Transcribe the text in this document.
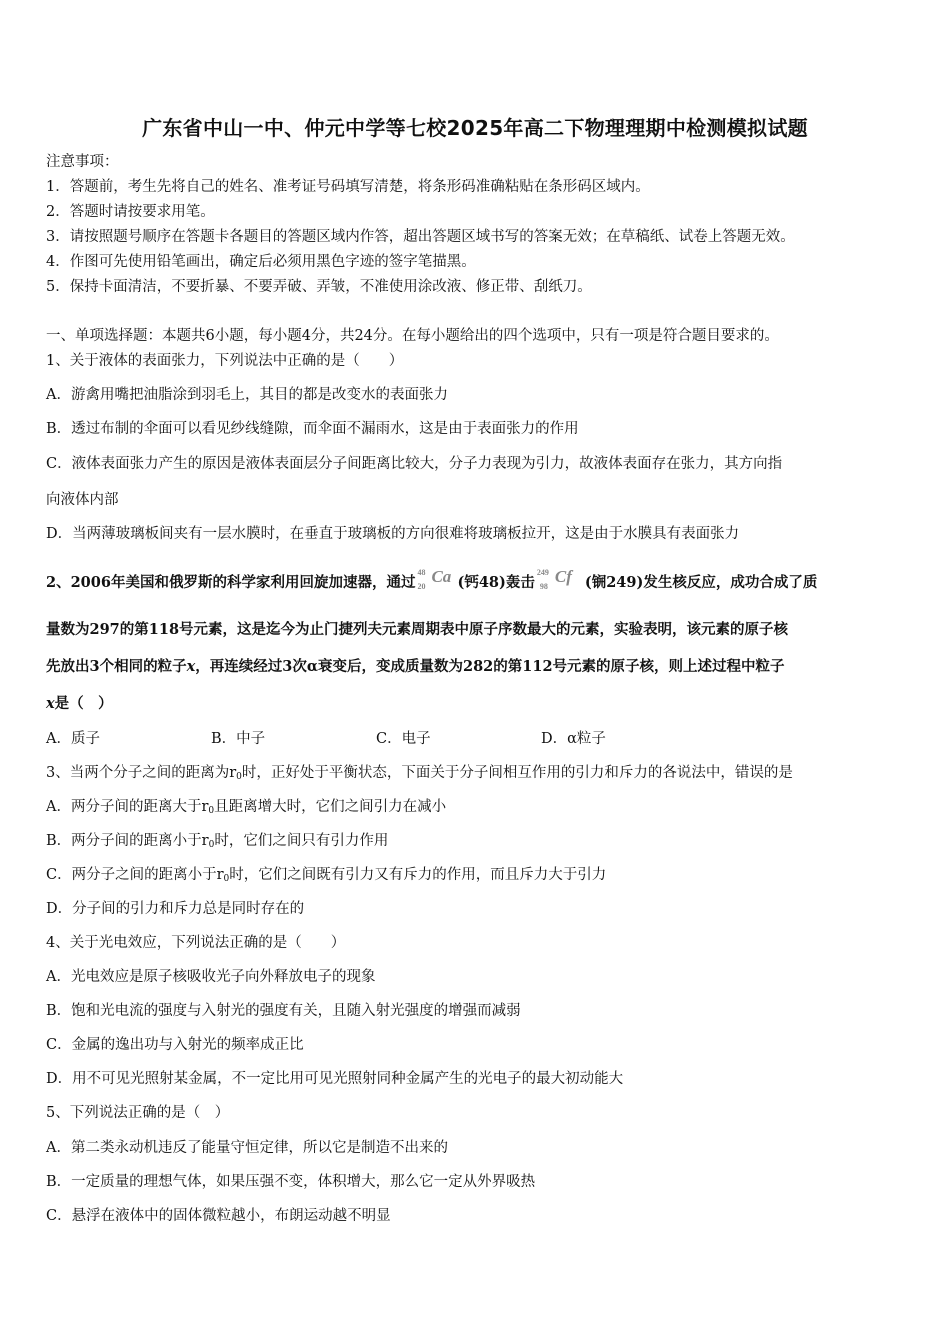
广东省中山一中、仲元中学等七校2025年高二下物理理期中检测模拟试题
注意事项：
1．答题前，考生先将自己的姓名、准考证号码填写清楚，将条形码准确粘贴在条形码区域内。
2．答题时请按要求用笔。
3．请按照题号顺序在答题卡各题目的答题区域内作答，超出答题区域书写的答案无效；在草稿纸、试卷上答题无效。
4．作图可先使用铅笔画出，确定后必须用黑色字迹的签字笔描黑。
5．保持卡面清洁，不要折暴、不要弄破、弄皱，不准使用涂改液、修正带、刮纸刀。
一、单项选择题：本题共6小题，每小题4分，共24分。在每小题给出的四个选项中，只有一项是符合题目要求的。
1、关于液体的表面张力，下列说法中正确的是（　　）
A．游禽用嘴把油脂涂到羽毛上，其目的都是改变水的表面张力
B．透过布制的伞面可以看见纱线缝隙，而伞面不漏雨水，这是由于表面张力的作用
C．液体表面张力产生的原因是液体表面层分子间距离比较大，分子力表现为引力，故液体表面存在张力，其方向指
向液体内部
D．当两薄玻璃板间夹有一层水膜时，在垂直于玻璃板的方向很难将玻璃板拉开，这是由于水膜具有表面张力
2、2006年美国和俄罗斯的科学家利用回旋加速器，通过
48
20
Ca (钙48)轰击
249
98
Cf (锎249)发生核反应，成功合成了质
量数为297的第118号元素，这是迄今为止门捷列夫元素周期表中原子序数最大的元素，实验表明，该元素的原子核
先放出3个相同的粒子x，再连续经过3次α衰变后，变成质量数为282的第112号元素的原子核，则上述过程中粒子
x是（　）
A．质子	B．中子	C．电子	D．α粒子
3、当两个分子之间的距离为$r_0$时，正好处于平衡状态，下面关于分子间相互作用的引力和斥力的各说法中，错误的是
A．两分子间的距离大于$r_0$且距离增大时，它们之间引力在减小
B．两分子间的距离小于$r_0$时，它们之间只有引力作用
C．两分子之间的距离小于$r_0$时，它们之间既有引力又有斥力的作用，而且斥力大于引力
D．分子间的引力和斥力总是同时存在的
4、关于光电效应，下列说法正确的是（　　）
A．光电效应是原子核吸收光子向外释放电子的现象
B．饱和光电流的强度与入射光的强度有关，且随入射光强度的增强而减弱
C．金属的逸出功与入射光的频率成正比
D．用不可见光照射某金属，不一定比用可见光照射同种金属产生的光电子的最大初动能大
5、下列说法正确的是（　）
A．第二类永动机违反了能量守恒定律，所以它是制造不出来的
B．一定质量的理想气体，如果压强不变，体积增大，那么它一定从外界吸热
C．悬浮在液体中的固体微粒越小，布朗运动越不明显
